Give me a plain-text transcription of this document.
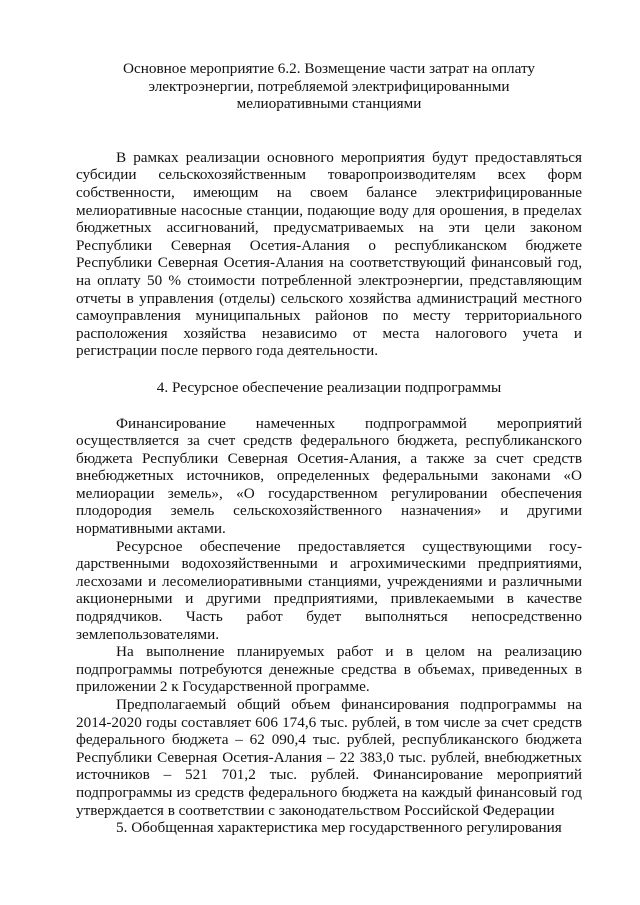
Основное мероприятие 6.2. Возмещение части затрат на оплату
электроэнергии, потребляемой электрифицированными
мелиоративными станциями

В рамках реализации основного мероприятия будут предоставляться субсидии сельскохозяйственным товаропроизводителям всех форм собственности, имеющим на своем балансе электрифицированные мелиоративные насосные станции, подающие воду для орошения, в пределах бюджетных ассигнований, предусматриваемых на эти цели законом Республики Северная Осетия-Алания о республиканском бюджете Республики Северная Осетия-Алания на соответствующий финансовый год, на оплату 50 % стоимости потребленной электроэнергии, представляющим отчеты в управления (отделы) сельского хозяйства администраций местного самоуправления муниципальных районов по месту территориального расположения хозяйства независимо от места налогового учета и регистрации после первого года деятельности.

4. Ресурсное обеспечение реализации подпрограммы

Финансирование намеченных подпрограммой мероприятий осуществляется за счет средств федерального бюджета, республиканского бюджета Республики Северная Осетия-Алания, а также за счет средств внебюджетных источников, определенных федеральными законами «О мелиорации земель», «О государственном регулировании обеспечения плодородия земель сельскохозяйственного назначения» и другими нормативными актами.

Ресурсное обеспечение предоставляется существующими государственными водохозяйственными и агрохимическими предприятиями, лесхозами и лесомелиоративными станциями, учреждениями и различными акционерными и другими предприятиями, привлекаемыми в качестве подрядчиков. Часть работ будет выполняться непосредственно землепользователями.

На выполнение планируемых работ и в целом на реализацию подпрограммы потребуются денежные средства в объемах, приведенных в приложении 2 к Государственной программе.

Предполагаемый общий объем финансирования подпрограммы на 2014-2020 годы составляет 606 174,6 тыс. рублей, в том числе за счет средств федерального бюджета – 62 090,4 тыс. рублей, республиканского бюджета Республики Северная Осетия-Алания – 22 383,0 тыс. рублей, внебюджетных источников – 521 701,2 тыс. рублей. Финансирование мероприятий подпрограммы из средств федерального бюджета на каждый финансовый год утверждается в соответствии с законодательством Российской Федерации

5. Обобщенная характеристика мер государственного регулирования
